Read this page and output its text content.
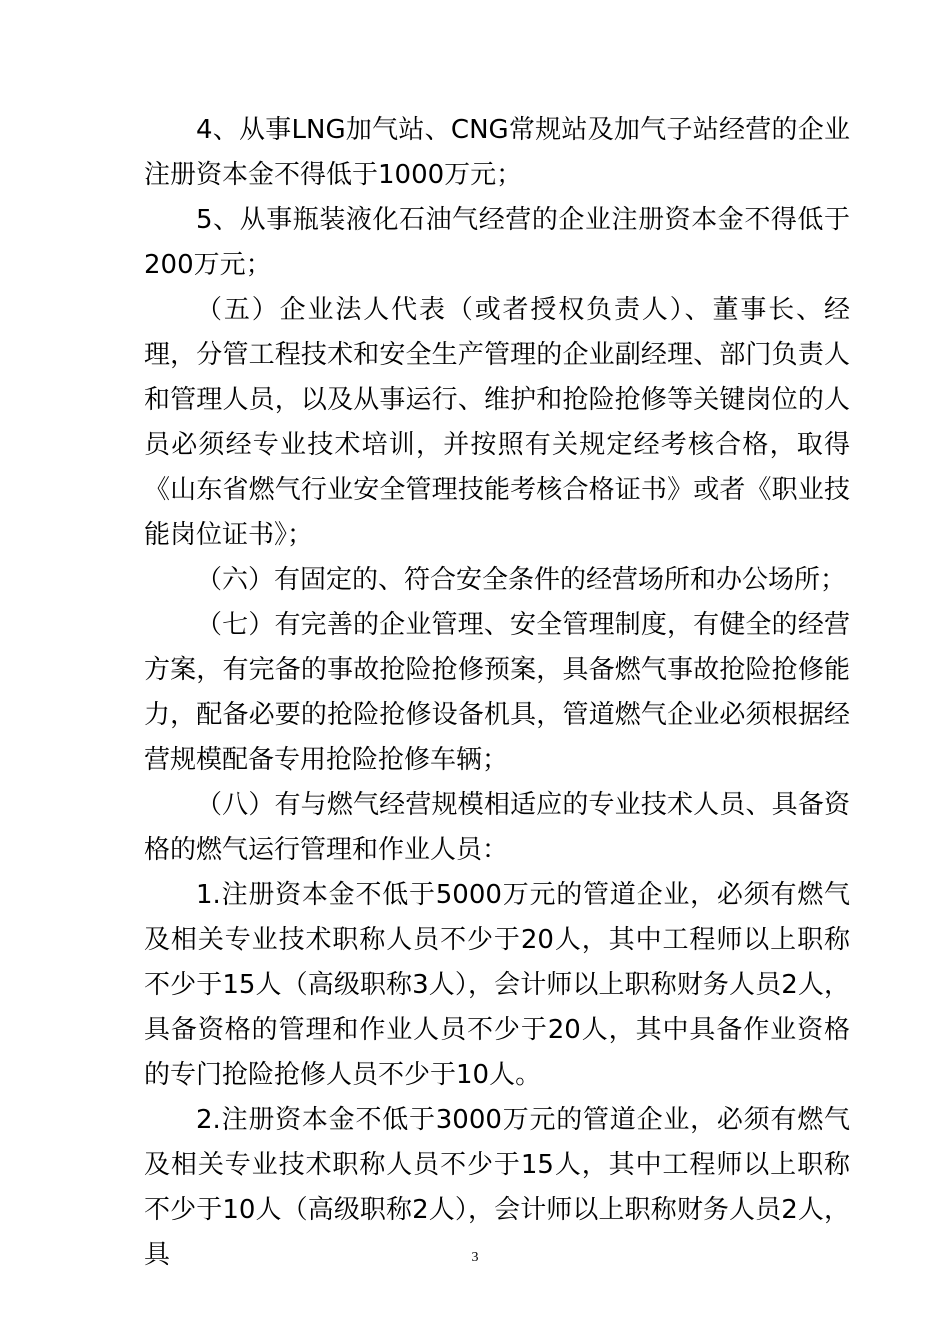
4、从事LNG加气站、CNG常规站及加气子站经营的企业注册资本金不得低于1000万元；

5、从事瓶装液化石油气经营的企业注册资本金不得低于200万元；

（五）企业法人代表（或者授权负责人）、董事长、经理，分管工程技术和安全生产管理的企业副经理、部门负责人和管理人员，以及从事运行、维护和抢险抢修等关键岗位的人员必须经专业技术培训，并按照有关规定经考核合格，取得《山东省燃气行业安全管理技能考核合格证书》或者《职业技能岗位证书》；

（六）有固定的、符合安全条件的经营场所和办公场所；

（七）有完善的企业管理、安全管理制度，有健全的经营方案，有完备的事故抢险抢修预案，具备燃气事故抢险抢修能力，配备必要的抢险抢修设备机具，管道燃气企业必须根据经营规模配备专用抢险抢修车辆；

（八）有与燃气经营规模相适应的专业技术人员、具备资格的燃气运行管理和作业人员：

1.注册资本金不低于5000万元的管道企业，必须有燃气及相关专业技术职称人员不少于20人，其中工程师以上职称不少于15人（高级职称3人），会计师以上职称财务人员2人，具备资格的管理和作业人员不少于20人，其中具备作业资格的专门抢险抢修人员不少于10人。

2.注册资本金不低于3000万元的管道企业，必须有燃气及相关专业技术职称人员不少于15人，其中工程师以上职称不少于10人（高级职称2人），会计师以上职称财务人员2人，具	3
